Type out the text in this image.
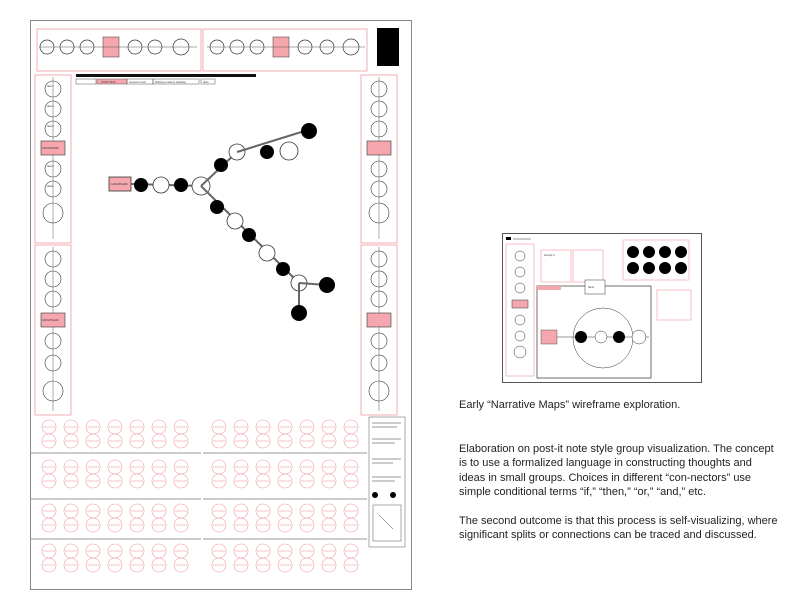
STORY MAP	connect to next	Starting a node by dropping	done
Idea 1
Idea 2
Idea 3
GROUPNAME
Idea 4
Ideas
GROUPNAME
GROUPNAME
Group 1
Next

Early “Narrative Maps” wireframe exploration.

Elaboration on post-it note style group visualization. The concept is to use a formalized language in constructing thoughts and ideas in small groups. Choices in different “con-nectors” use simple conditional terms “if,” “then,” “or,” “and,” etc.

The second outcome is that this process is self-visualizing, where significant splits or connections can be traced and discussed.
